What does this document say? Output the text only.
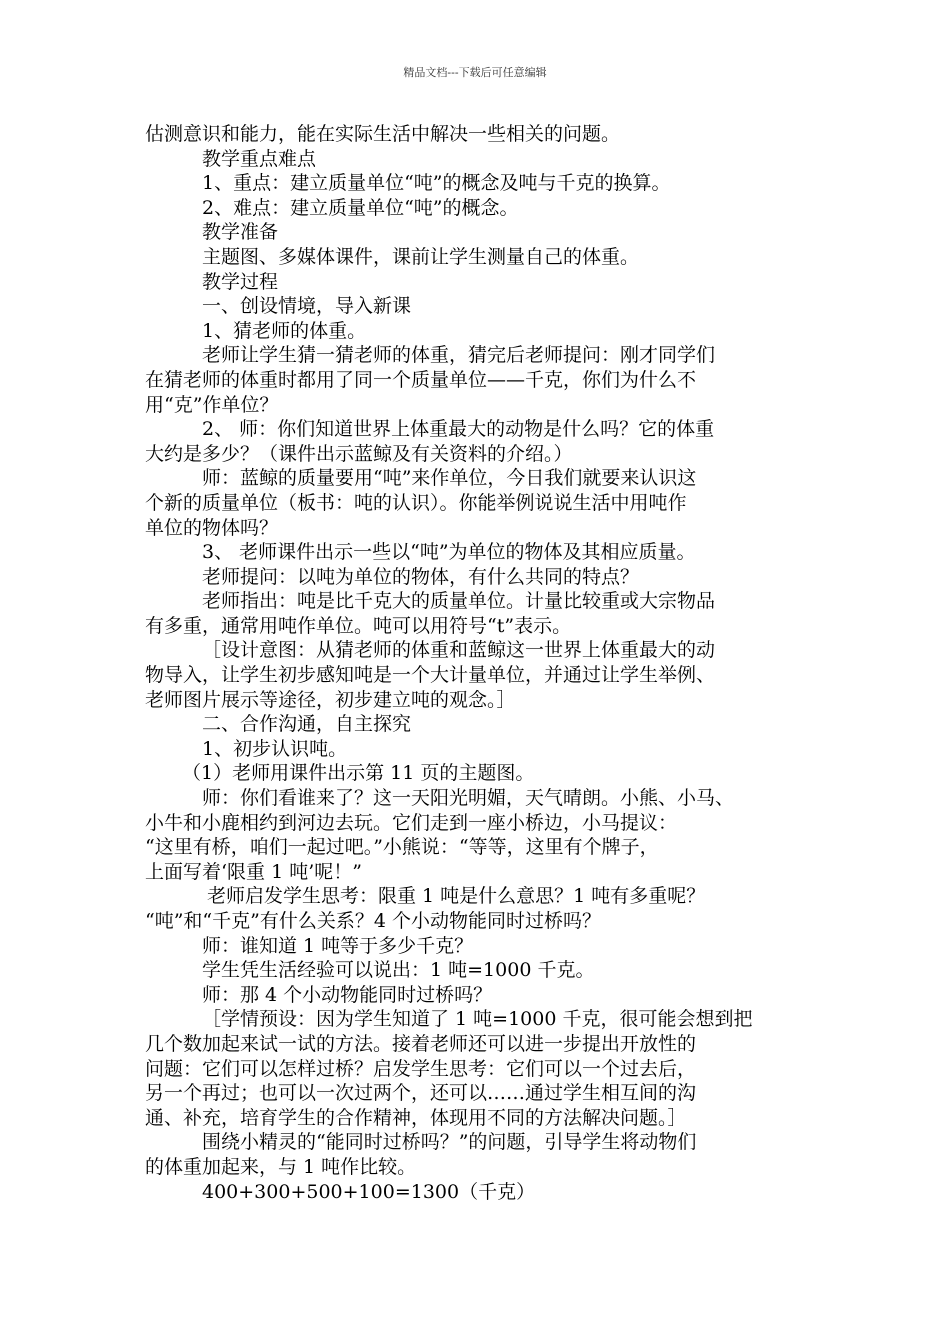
精品文档---下载后可任意编辑

估测意识和能力，能在实际生活中解决一些相关的问题。

教学重点难点

1、重点：建立质量单位“吨”的概念及吨与千克的换算。

2、难点：建立质量单位“吨”的概念。

教学准备

主题图、多媒体课件，课前让学生测量自己的体重。

教学过程

一、创设情境，导入新课

1、猜老师的体重。

老师让学生猜一猜老师的体重，猜完后老师提问：刚才同学们

在猜老师的体重时都用了同一个质量单位——千克，你们为什么不

用“克”作单位？

2、 师：你们知道世界上体重最大的动物是什么吗？它的体重

大约是多少？（课件出示蓝鲸及有关资料的介绍。）

师：蓝鲸的质量要用“吨”来作单位，今日我们就要来认识这

个新的质量单位（板书：吨的认识）。你能举例说说生活中用吨作

单位的物体吗？

3、 老师课件出示一些以“吨”为单位的物体及其相应质量。

老师提问：以吨为单位的物体，有什么共同的特点？

老师指出：吨是比千克大的质量单位。计量比较重或大宗物品

有多重，通常用吨作单位。吨可以用符号“t”表示。

［设计意图：从猜老师的体重和蓝鲸这一世界上体重最大的动

物导入，让学生初步感知吨是一个大计量单位，并通过让学生举例、

老师图片展示等途径，初步建立吨的观念。］

二、合作沟通，自主探究

1、初步认识吨。

（1）老师用课件出示第 11 页的主题图。

师：你们看谁来了？这一天阳光明媚，天气晴朗。小熊、小马、

小牛和小鹿相约到河边去玩。它们走到一座小桥边，小马提议：

“这里有桥，咱们一起过吧。”小熊说：“等等，这里有个牌子，

上面写着‘限重 1 吨’呢！”

老师启发学生思考：限重 1 吨是什么意思？1 吨有多重呢？

“吨”和“千克”有什么关系？4 个小动物能同时过桥吗？

师：谁知道 1 吨等于多少千克？

学生凭生活经验可以说出：1 吨=1000 千克。

师：那 4 个小动物能同时过桥吗？

［学情预设：因为学生知道了 1 吨=1000 千克，很可能会想到把

几个数加起来试一试的方法。接着老师还可以进一步提出开放性的

问题：它们可以怎样过桥？启发学生思考：它们可以一个过去后，

另一个再过；也可以一次过两个，还可以……通过学生相互间的沟

通、补充，培育学生的合作精神，体现用不同的方法解决问题。］

围绕小精灵的“能同时过桥吗？”的问题，引导学生将动物们

的体重加起来，与 1 吨作比较。

400+300+500+100=1300（千克）
